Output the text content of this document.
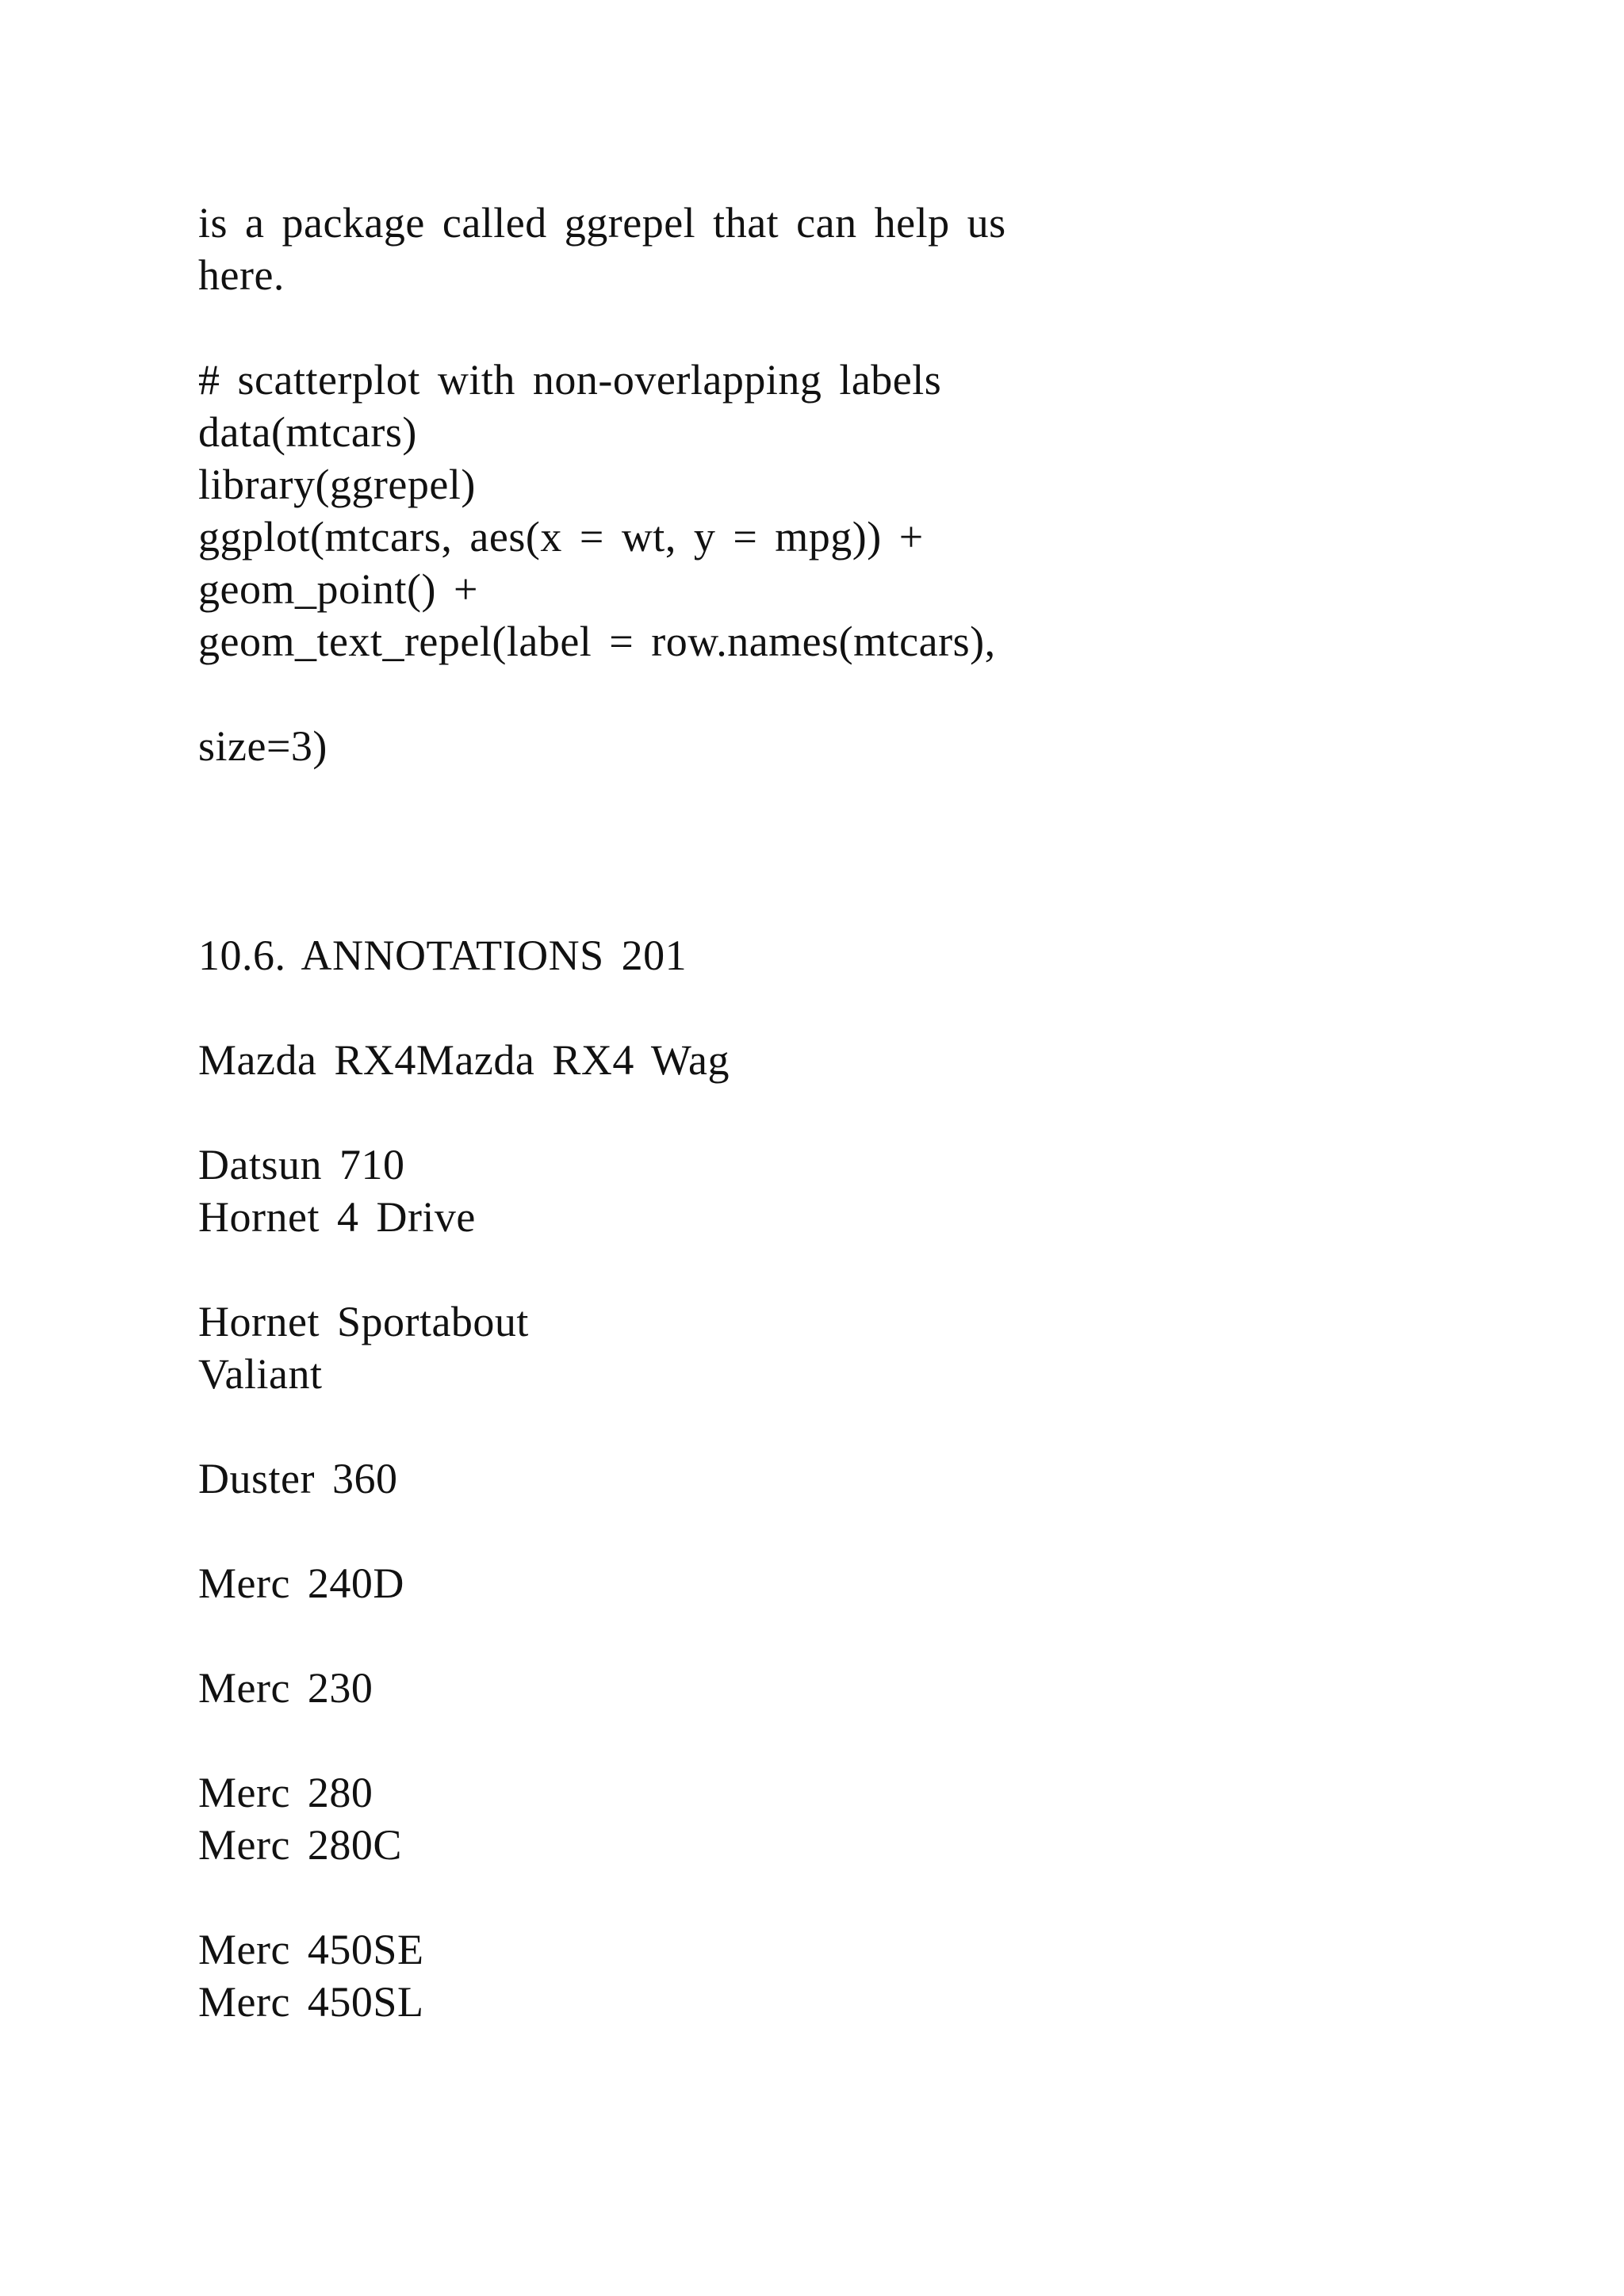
is a package called ggrepel that can help us
here.
# scatterplot with non-overlapping labels
data(mtcars)
library(ggrepel)
ggplot(mtcars, aes(x = wt, y = mpg)) +
geom_point() +
geom_text_repel(label = row.names(mtcars),
size=3)
10.6. ANNOTATIONS 201
Mazda RX4Mazda RX4 Wag
Datsun 710
Hornet 4 Drive
Hornet Sportabout
Valiant
Duster 360
Merc 240D
Merc 230
Merc 280
Merc 280C
Merc 450SE
Merc 450SL
